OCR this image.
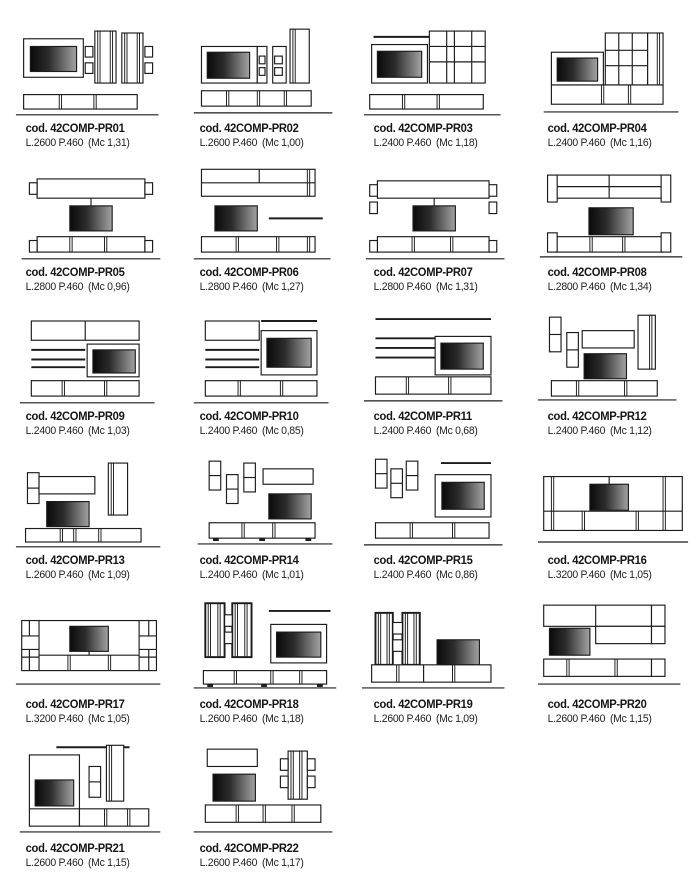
cod. 42COMP-PR01
L.2600 P.460 (Mc 1,31)
cod. 42COMP-PR02
L.2600 P.460 (Mc 1,00)
cod. 42COMP-PR03
L.2400 P.460 (Mc 1,18)
cod. 42COMP-PR04
L.2400 P.460 (Mc 1,16)
cod. 42COMP-PR05
L.2800 P.460 (Mc 0,96)
cod. 42COMP-PR06
L.2800 P.460 (Mc 1,27)
cod. 42COMP-PR07
L.2800 P.460 (Mc 1,31)
cod. 42COMP-PR08
L.2800 P.460 (Mc 1,34)
cod. 42COMP-PR09
L.2400 P.460 (Mc 1,03)
cod. 42COMP-PR10
L.2400 P.460 (Mc 0,85)
cod. 42COMP-PR11
L.2400 P.460 (Mc 0,68)
cod. 42COMP-PR12
L.2400 P.460 (Mc 1,12)
cod. 42COMP-PR13
L.2600 P.460 (Mc 1,09)
cod. 42COMP-PR14
L.2400 P.460 (Mc 1,01)
cod. 42COMP-PR15
L.2400 P.460 (Mc 0,86)
cod. 42COMP-PR16
L.3200 P.460 (Mc 1,05)
cod. 42COMP-PR17
L.3200 P.460 (Mc 1,05)
cod. 42COMP-PR18
L.2600 P.460 (Mc 1,18)
cod. 42COMP-PR19
L.2600 P.460 (Mc 1,09)
cod. 42COMP-PR20
L.2600 P.460 (Mc 1,15)
cod. 42COMP-PR21
L.2600 P.460 (Mc 1,15)
cod. 42COMP-PR22
L.2600 P.460 (Mc 1,17)
